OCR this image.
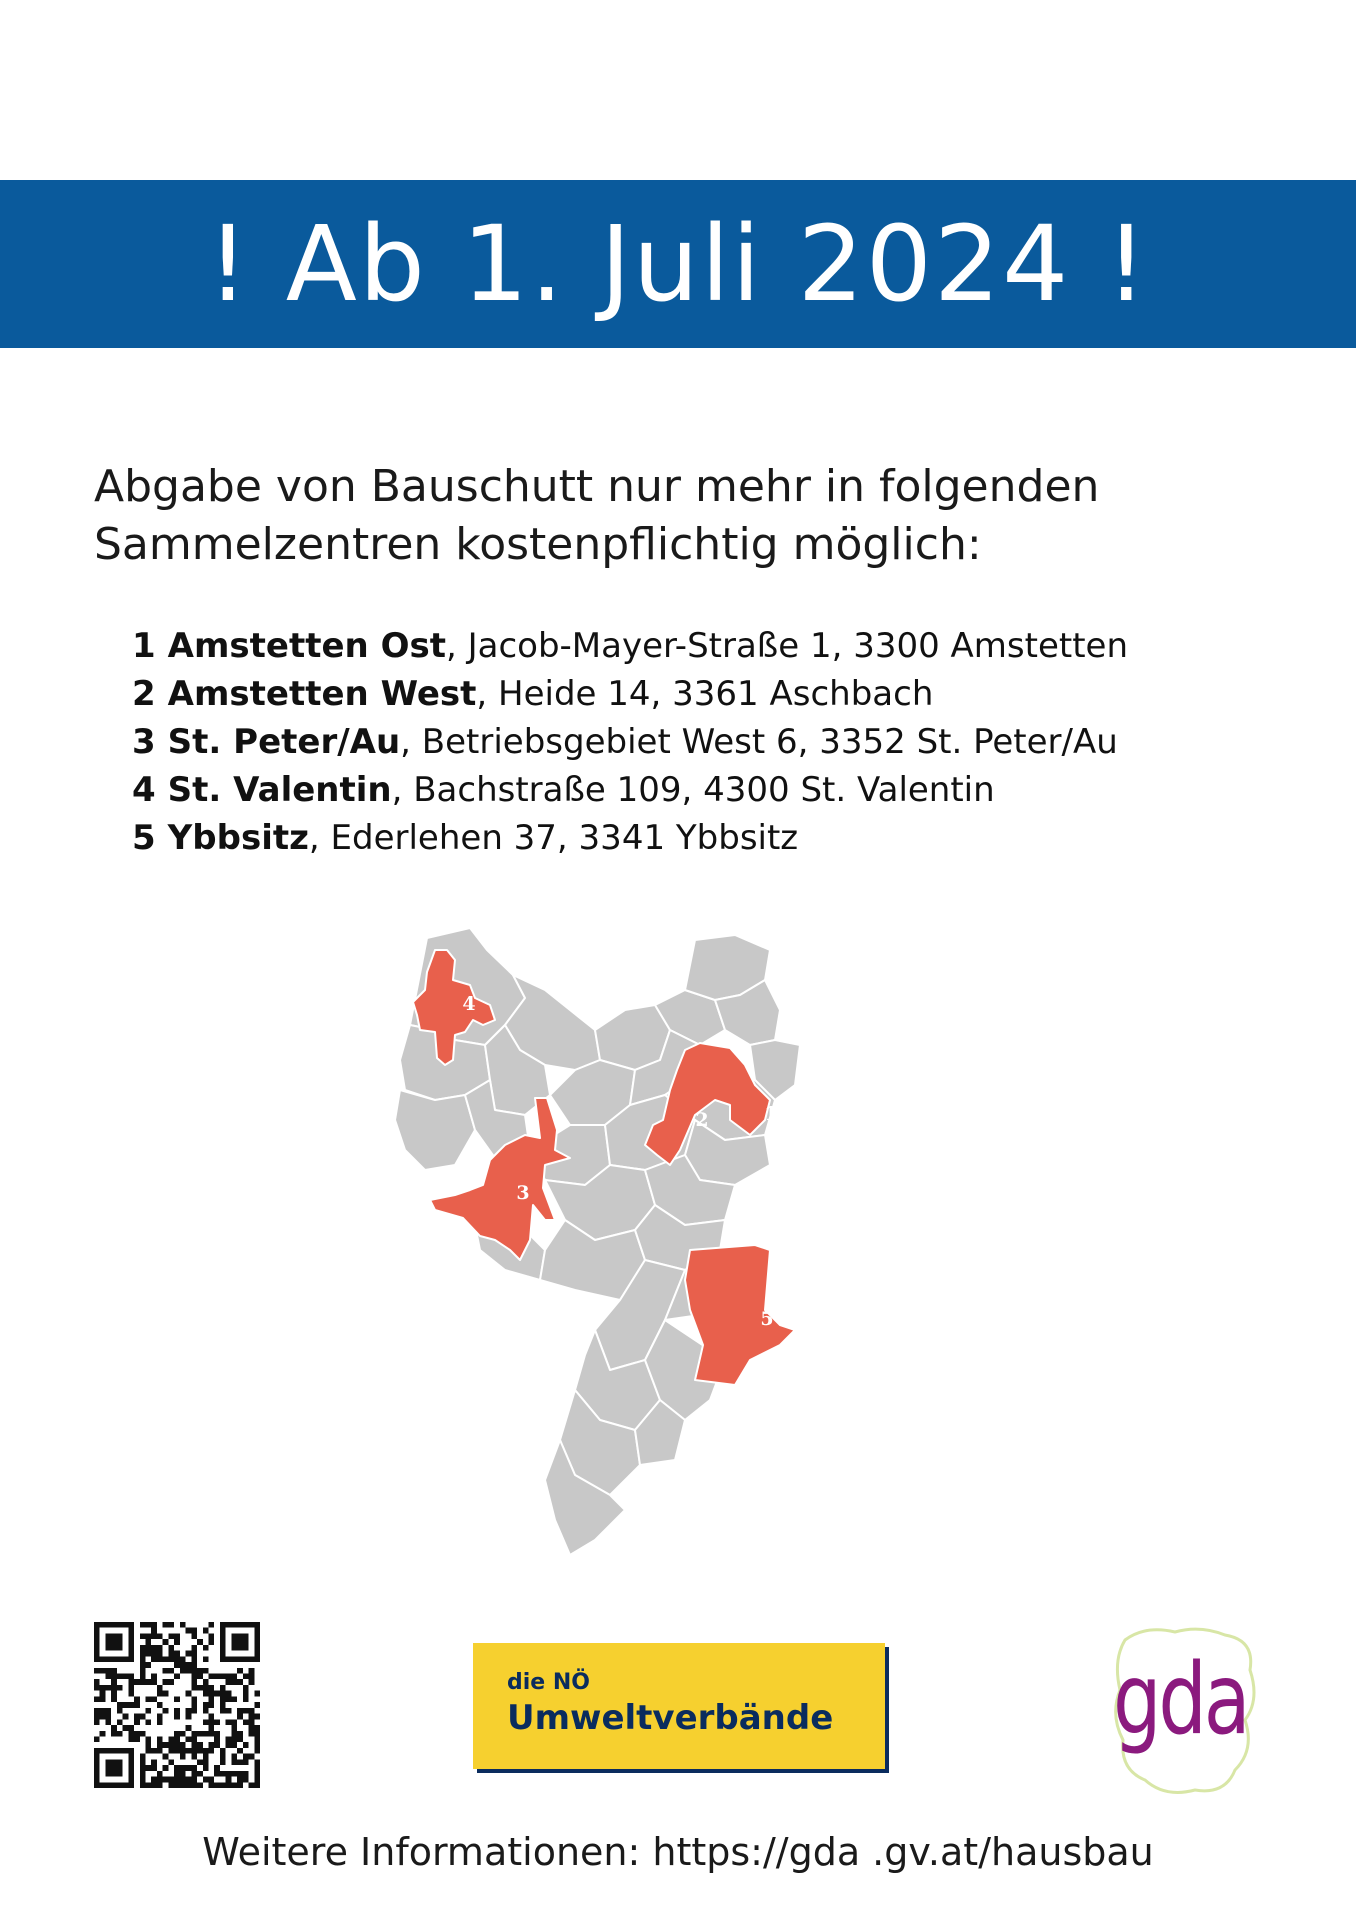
! Ab 1. Juli 2024 !
Abgabe von Bauschutt nur mehr in folgenden
Sammelzentren kostenpflichtig möglich:
1 Amstetten Ost, Jacob-Mayer-Straße 1, 3300 Amstetten
2 Amstetten West, Heide 14, 3361 Aschbach
3 St. Peter/Au, Betriebsgebiet West 6, 3352 St. Peter/Au
4 St. Valentin, Bachstraße 109, 4300 St. Valentin
5 Ybbsitz, Ederlehen 37, 3341 Ybbsitz
1
2
3
4
5
die NÖ
Umweltverbände	gda
Weitere Informationen: https://gda .gv.at/hausbau
